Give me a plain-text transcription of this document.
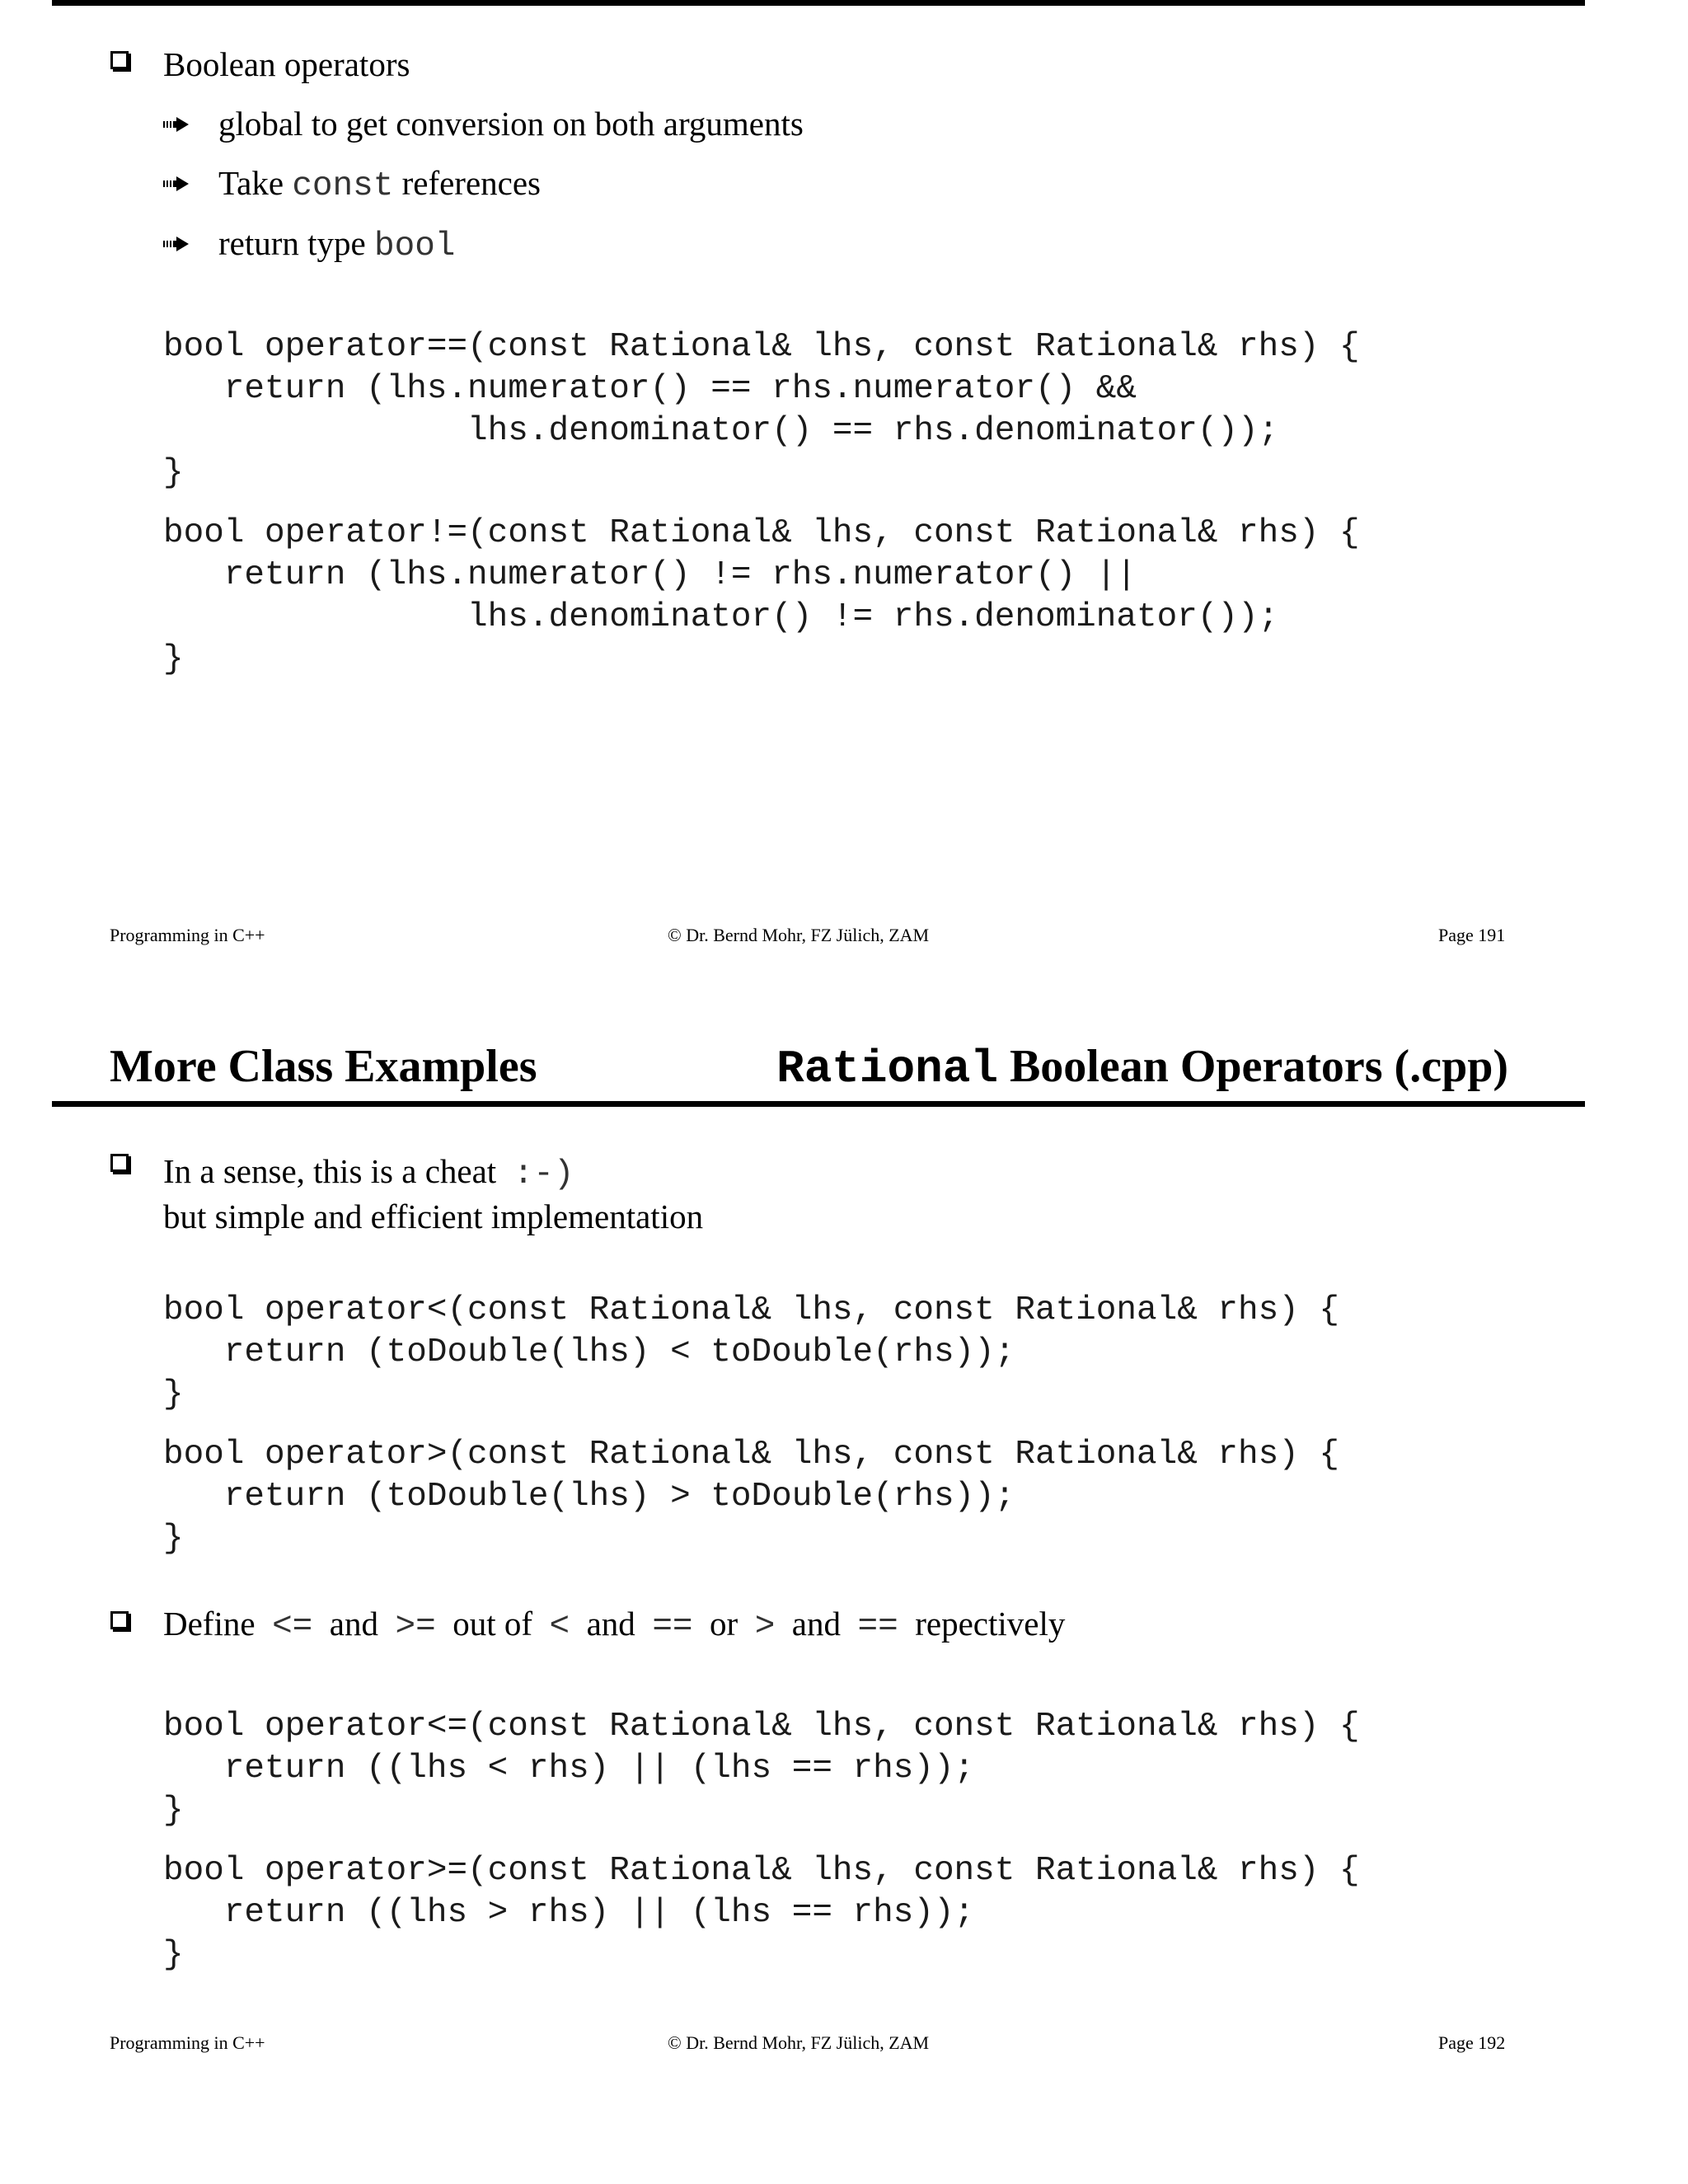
Boolean operators
global to get conversion on both arguments
Take const references
return type bool
bool operator==(const Rational& lhs, const Rational& rhs) {
return (lhs.numerator() == rhs.numerator() &&
lhs.denominator() == rhs.denominator());
}
bool operator!=(const Rational& lhs, const Rational& rhs) {
return (lhs.numerator() != rhs.numerator() ||
lhs.denominator() != rhs.denominator());
}
Programming in C++	© Dr. Bernd Mohr, FZ Jülich, ZAM	Page 191
More Class Examples	Rational Boolean Operators (.cpp)
In a sense, this is a cheat :-)
but simple and efficient implementation
bool operator<(const Rational& lhs, const Rational& rhs) {
return (toDouble(lhs) < toDouble(rhs));
}
bool operator>(const Rational& lhs, const Rational& rhs) {
return (toDouble(lhs) > toDouble(rhs));
}
Define <= and >= out of < and == or > and == repectively
bool operator<=(const Rational& lhs, const Rational& rhs) {
return ((lhs < rhs) || (lhs == rhs));
}
bool operator>=(const Rational& lhs, const Rational& rhs) {
return ((lhs > rhs) || (lhs == rhs));
}
Programming in C++	© Dr. Bernd Mohr, FZ Jülich, ZAM	Page 192
